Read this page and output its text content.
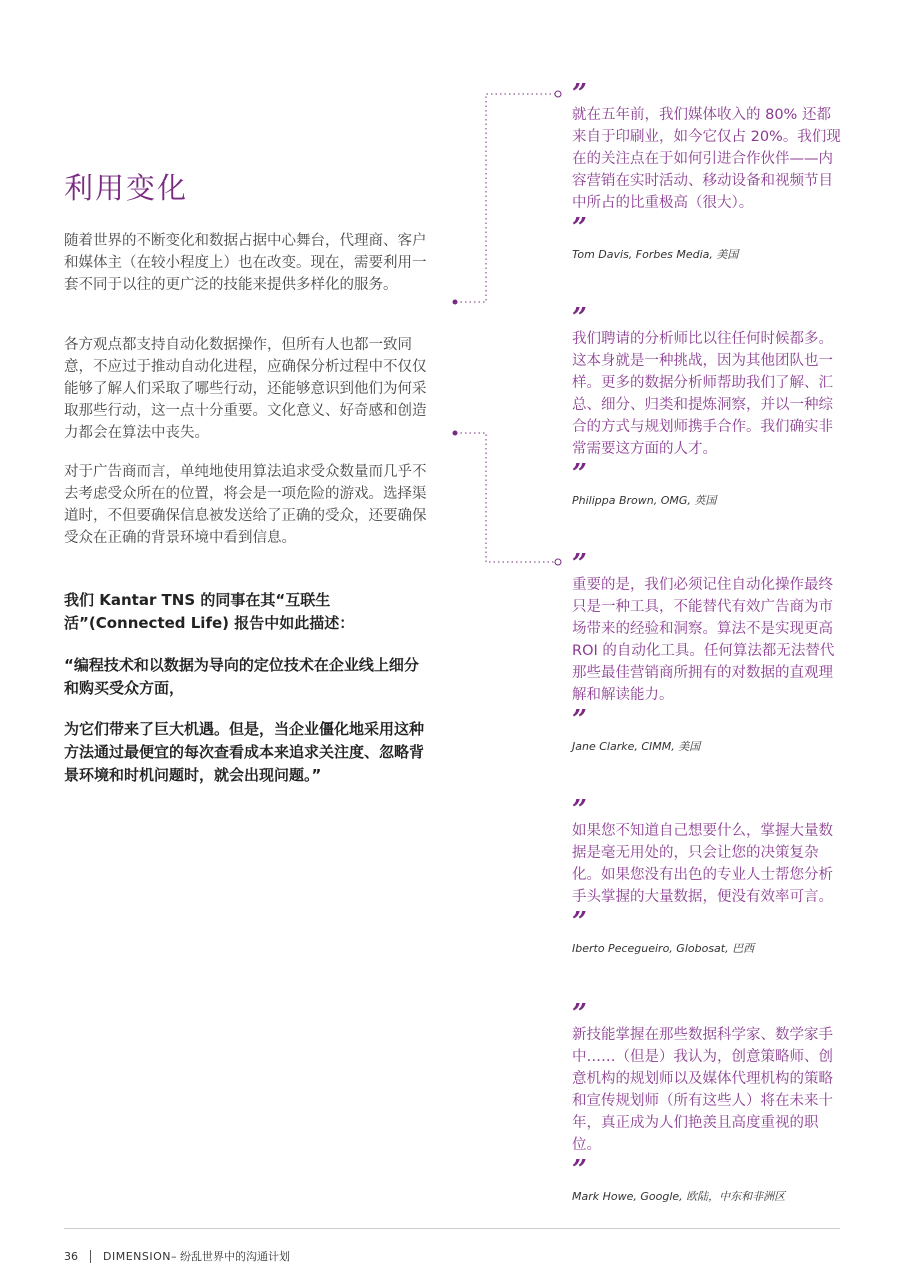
利用变化

随着世界的不断变化和数据占据中心舞台，代理商、客户和媒体主（在较小程度上）也在改变。现在，需要利用一套不同于以往的更广泛的技能来提供多样化的服务。

各方观点都支持自动化数据操作，但所有人也都一致同意，不应过于推动自动化进程，应确保分析过程中不仅仅能够了解人们采取了哪些行动，还能够意识到他们为何采取那些行动，这一点十分重要。文化意义、好奇感和创造力都会在算法中丧失。

对于广告商而言，单纯地使用算法追求受众数量而几乎不去考虑受众所在的位置，将会是一项危险的游戏。选择渠道时，不但要确保信息被发送给了正确的受众，还要确保受众在正确的背景环境中看到信息。

我们 Kantar TNS 的同事在其“互联生活”(Connected Life) 报告中如此描述：

“编程技术和以数据为导向的定位技术在企业线上细分和购买受众方面，

为它们带来了巨大机遇。但是，当企业僵化地采用这种方法通过最便宜的每次查看成本来追求关注度、忽略背景环境和时机问题时，就会出现问题。”

”
就在五年前，我们媒体收入的 80% 还都来自于印刷业，如今它仅占 20%。我们现在的关注点在于如何引进合作伙伴——内容营销在实时活动、移动设备和视频节目中所占的比重极高（很大）。
”
Tom Davis, Forbes Media, 美国
”
我们聘请的分析师比以往任何时候都多。这本身就是一种挑战，因为其他团队也一样。更多的数据分析师帮助我们了解、汇总、细分、归类和提炼洞察，并以一种综合的方式与规划师携手合作。我们确实非常需要这方面的人才。
”
Philippa Brown, OMG, 英国
”
重要的是，我们必须记住自动化操作最终只是一种工具，不能替代有效广告商为市场带来的经验和洞察。算法不是实现更高 ROI 的自动化工具。任何算法都无法替代那些最佳营销商所拥有的对数据的直观理解和解读能力。
”
Jane Clarke, CIMM, 美国
”
如果您不知道自己想要什么，掌握大量数据是毫无用处的，只会让您的决策复杂化。如果您没有出色的专业人士帮您分析手头掌握的大量数据，便没有效率可言。
”
Iberto Pecegueiro, Globosat, 巴西
”
新技能掌握在那些数据科学家、数学家手中……（但是）我认为，创意策略师、创意机构的规划师以及媒体代理机构的策略和宣传规划师（所有这些人）将在未来十年，真正成为人们艳羡且高度重视的职位。
”
Mark Howe, Google, 欧陆，中东和非洲区
36 DIMENSION – 纷乱世界中的沟通计划
